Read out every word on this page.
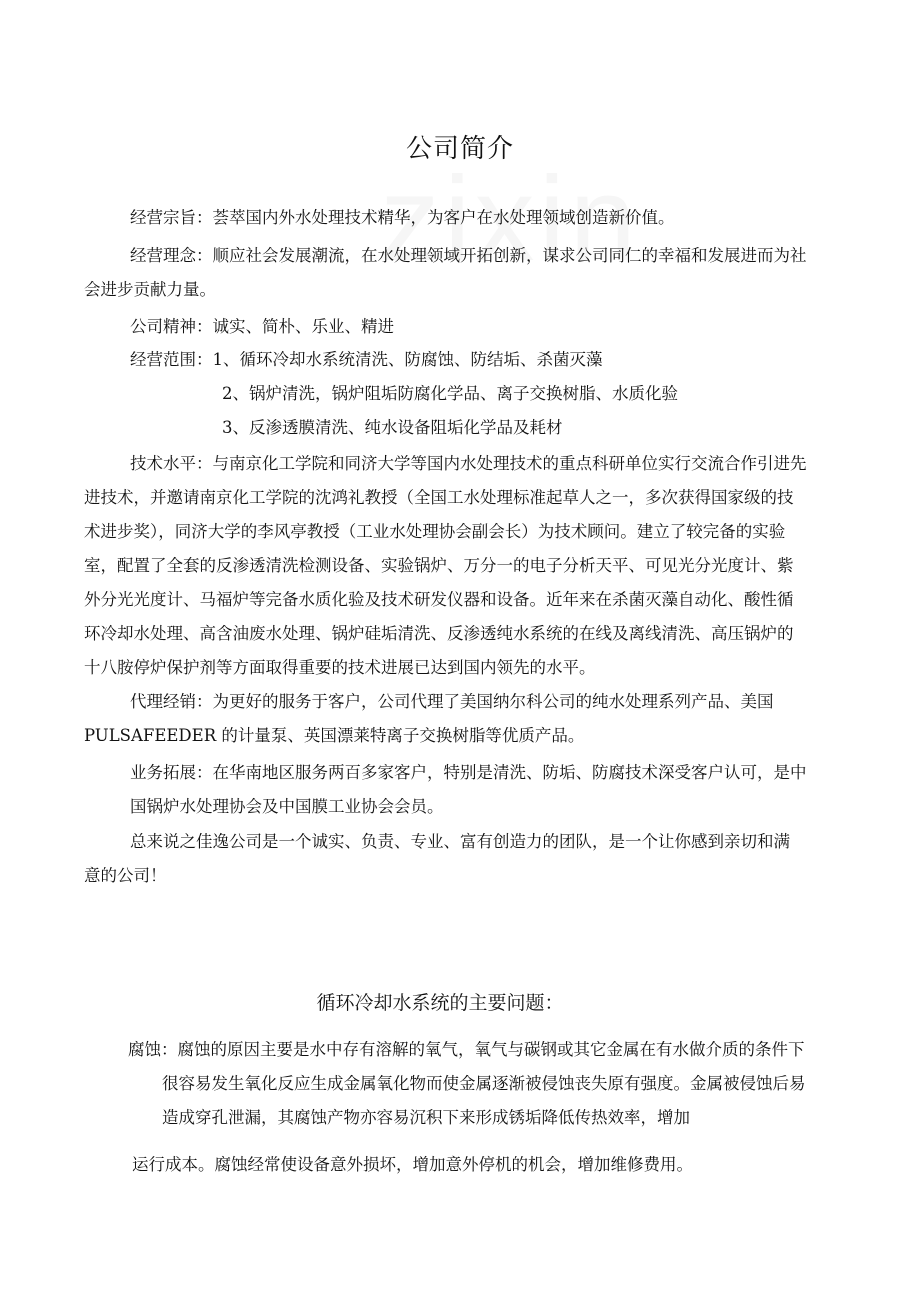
公司简介
经营宗旨：荟萃国内外水处理技术精华，为客户在水处理领域创造新价值。
经营理念：顺应社会发展潮流，在水处理领域开拓创新，谋求公司同仁的幸福和发展进而为社
会进步贡献力量。
公司精神：诚实、简朴、乐业、精进
经营范围：1、循环冷却水系统清洗、防腐蚀、防结垢、杀菌灭藻
2、锅炉清洗，锅炉阻垢防腐化学品、离子交换树脂、水质化验
3、反渗透膜清洗、纯水设备阻垢化学品及耗材
技术水平：与南京化工学院和同济大学等国内水处理技术的重点科研单位实行交流合作引进先
进技术，并邀请南京化工学院的沈鸿礼教授（全国工水处理标准起草人之一，多次获得国家级的技
术进步奖），同济大学的李风亭教授（工业水处理协会副会长）为技术顾问。建立了较完备的实验
室，配置了全套的反渗透清洗检测设备、实验锅炉、万分一的电子分析天平、可见光分光度计、紫
外分光光度计、马福炉等完备水质化验及技术研发仪器和设备。近年来在杀菌灭藻自动化、酸性循
环冷却水处理、高含油废水处理、锅炉硅垢清洗、反渗透纯水系统的在线及离线清洗、高压锅炉的
十八胺停炉保护剂等方面取得重要的技术进展已达到国内领先的水平。
代理经销：为更好的服务于客户，公司代理了美国纳尔科公司的纯水处理系列产品、美国
PULSAFEEDER 的计量泵、英国漂莱特离子交换树脂等优质产品。
业务拓展：在华南地区服务两百多家客户，特别是清洗、防垢、防腐技术深受客户认可，是中
国锅炉水处理协会及中国膜工业协会会员。
总来说之佳逸公司是一个诚实、负责、专业、富有创造力的团队，是一个让你感到亲切和满
意的公司！
循环冷却水系统的主要问题：
腐蚀：腐蚀的原因主要是水中存有溶解的氧气，氧气与碳钢或其它金属在有水做介质的条件下
很容易发生氧化反应生成金属氧化物而使金属逐渐被侵蚀丧失原有强度。金属被侵蚀后易
造成穿孔泄漏，其腐蚀产物亦容易沉积下来形成锈垢降低传热效率，增加
运行成本。腐蚀经常使设备意外损坏，增加意外停机的机会，增加维修费用。
